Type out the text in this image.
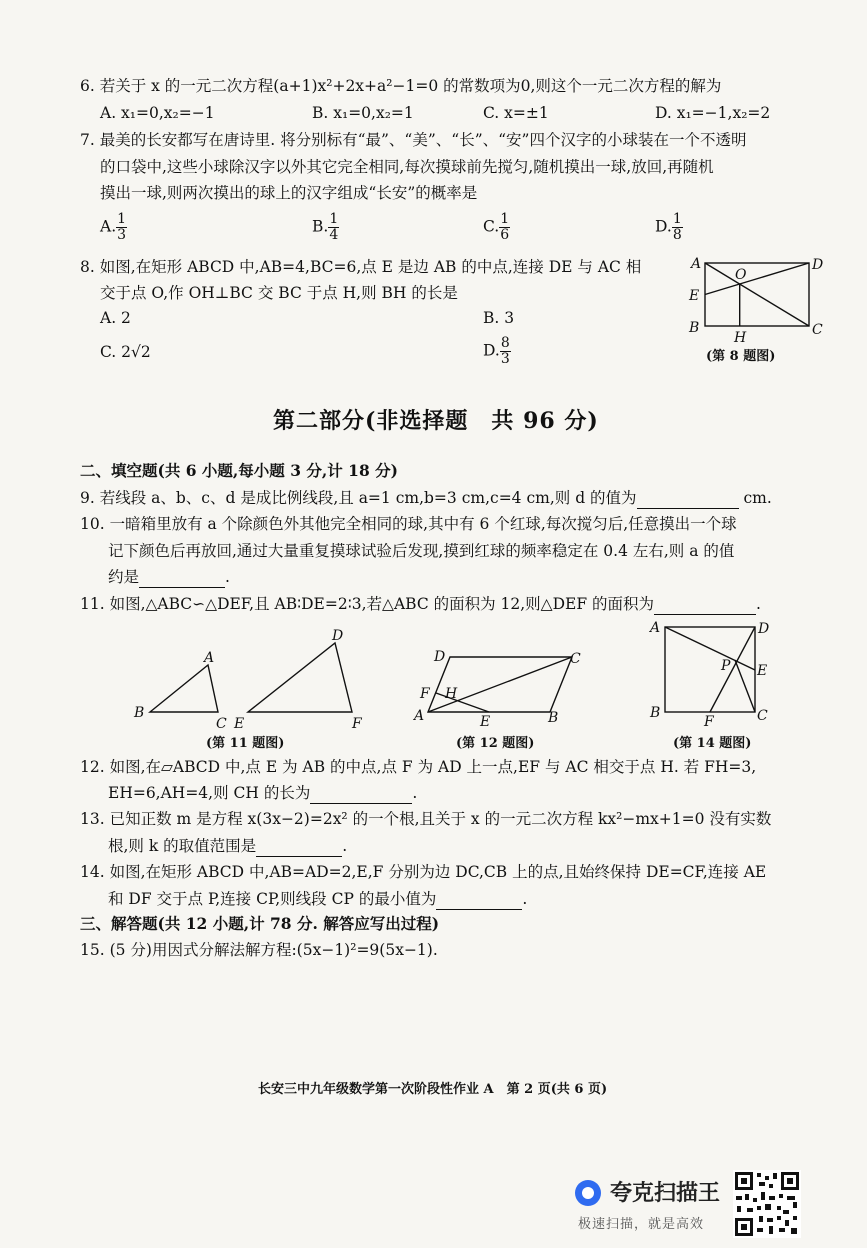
6. 若关于 x 的一元二次方程(a+1)x²+2x+a²−1=0 的常数项为0,则这个一元二次方程的解为
A. x₁=0,x₂=−1	B. x₁=0,x₂=1	C. x=±1	D. x₁=−1,x₂=2
7. 最美的长安都写在唐诗里. 将分别标有“最”、“美”、“长”、“安”四个汉字的小球装在一个不透明
的口袋中,这些小球除汉字以外其它完全相同,每次摸球前先搅匀,随机摸出一球,放回,再随机
摸出一球,则两次摸出的球上的汉字组成“长安”的概率是
A. $\frac{1}{3}$	B. $\frac{1}{4}$	C. $\frac{1}{6}$	D. $\frac{1}{8}$
8. 如图,在矩形 ABCD 中,AB=4,BC=6,点 E 是边 AB 的中点,连接 DE 与 AC 相
交于点 O,作 OH⊥BC 交 BC 于点 H,则 BH 的长是
A. 2	B. 3
C. 2√2	D. $\frac{8}{3}$
A	D
E
O
B	C
H
(第 8 题图)
第二部分(非选择题　共 96 分)
二、填空题(共 6 小题,每小题 3 分,计 18 分)
9. 若线段 a、b、c、d 是成比例线段,且 a=1 cm,b=3 cm,c=4 cm,则 d 的值为	cm.
10. 一暗箱里放有 a 个除颜色外其他完全相同的球,其中有 6 个红球,每次搅匀后,任意摸出一个球
记下颜色后再放回,通过大量重复摸球试验后发现,摸到红球的频率稳定在 0.4 左右,则 a 的值
约是	.
11. 如图,△ABC∽△DEF,且 AB∶DE=2∶3,若△ABC 的面积为 12,则△DEF 的面积为	.
B
A
C E
D
F
(第 11 题图)
D	C
F H
A	E	B
(第 12 题图)
A	D
P E
B
F	C
(第 14 题图)
12. 如图,在▱ABCD 中,点 E 为 AB 的中点,点 F 为 AD 上一点,EF 与 AC 相交于点 H. 若 FH=3,
EH=6,AH=4,则 CH 的长为	.
13. 已知正数 m 是方程 x(3x−2)=2x² 的一个根,且关于 x 的一元二次方程 kx²−mx+1=0 没有实数
根,则 k 的取值范围是	.
14. 如图,在矩形 ABCD 中,AB=AD=2,E,F 分别为边 DC,CB 上的点,且始终保持 DE=CF,连接 AE
和 DF 交于点 P,连接 CP,则线段 CP 的最小值为	.
三、解答题(共 12 小题,计 78 分. 解答应写出过程)
15. (5 分)用因式分解法解方程:(5x−1)²=9(5x−1).
长安三中九年级数学第一次阶段性作业 A　第 2 页(共 6 页)
夸克扫描王
极速扫描，就是高效
